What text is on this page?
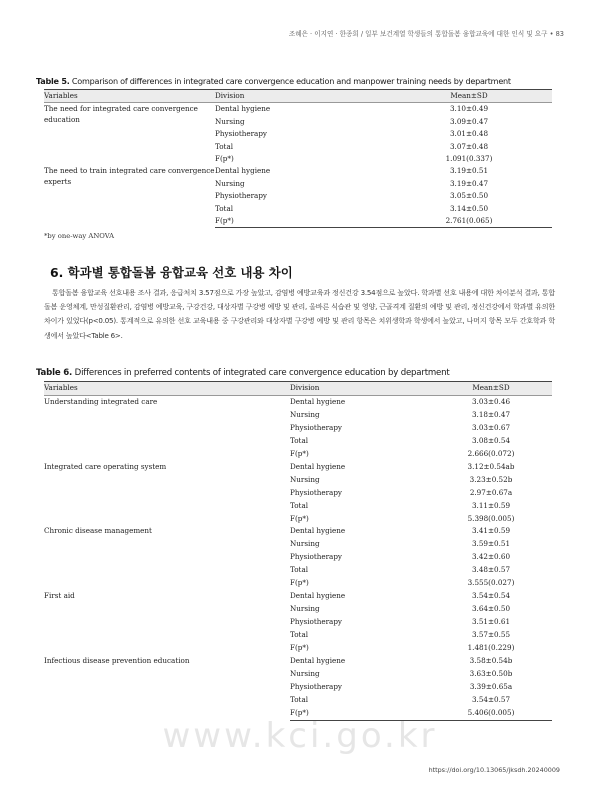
조혜은 · 이지연 · 한종희 / 일부 보건계열 학생들의 통합돌봄 융합교육에 대한 인식 및 요구 • 83
Table 5. Comparison of differences in integrated care convergence education and manpower training needs by department
Variables	Division	Mean±SD
The need for integrated care convergence education	Dental hygiene	3.10±0.49
	Nursing	3.09±0.47
	Physiotherapy	3.01±0.48
	Total	3.07±0.48
	F(p*)	1.091(0.337)
The need to train integrated care convergence experts	Dental hygiene	3.19±0.51
	Nursing	3.19±0.47
	Physiotherapy	3.05±0.50
	Total	3.14±0.50
	F(p*)	2.761(0.065)
*by one-way ANOVA
6. 학과별 통합돌봄 융합교육 선호 내용 차이
통합돌봄 융합교육 선호내용 조사 결과, 응급처치 3.57점으로 가장 높았고, 감염병 예방교육과 정신건강 3.54점으로 높았다. 학과별 선호 내용에 대한 차이분석 결과, 통합돌봄 운영체계, 만성질환관리, 감염병 예방교육, 구강건강, 대상자별 구강병 예방 및 관리, 올바른 식습관 및 영양, 근골격계 질환의 예방 및 관리, 정신건강에서 학과별 유의한 차이가 있었다(p<0.05). 통계적으로 유의한 선호 교육내용 중 구강관리와 대상자별 구강병 예방 및 관리 항목은 치위생학과 학생에서 높았고, 나머지 항목 모두 간호학과 학생에서 높았다<Table 6>.
Table 6. Differences in preferred contents of integrated care convergence education by department
Variables	Division	Mean±SD
Understanding integrated care	Dental hygiene	3.03±0.46
	Nursing	3.18±0.47
	Physiotherapy	3.03±0.67
	Total	3.08±0.54
	F(p*)	2.666(0.072)
Integrated care operating system	Dental hygiene	3.12±0.54ab
	Nursing	3.23±0.52b
	Physiotherapy	2.97±0.67a
	Total	3.11±0.59
	F(p*)	5.398(0.005)
Chronic disease management	Dental hygiene	3.41±0.59
	Nursing	3.59±0.51
	Physiotherapy	3.42±0.60
	Total	3.48±0.57
	F(p*)	3.555(0.027)
First aid	Dental hygiene	3.54±0.54
	Nursing	3.64±0.50
	Physiotherapy	3.51±0.61
	Total	3.57±0.55
	F(p*)	1.481(0.229)
Infectious disease prevention education	Dental hygiene	3.58±0.54b
	Nursing	3.63±0.50b
	Physiotherapy	3.39±0.65a
	Total	3.54±0.57
	F(p*)	5.406(0.005)
www.kci.go.kr
https://doi.org/10.13065/jksdh.20240009
